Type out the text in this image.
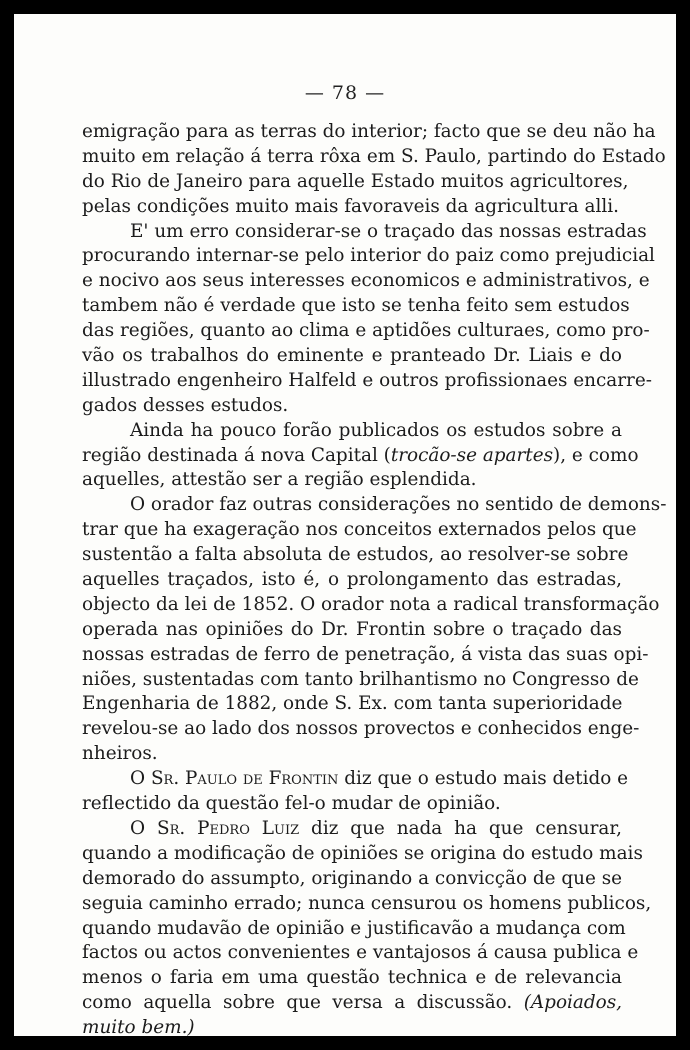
— 78 —
emigração para as terras do interior; facto que se deu não ha
muito em relação á terra rôxa em S. Paulo, partindo do Estado
do Rio de Janeiro para aquelle Estado muitos agricultores,
pelas condições muito mais favoraveis da agricultura alli.
E' um erro considerar-se o traçado das nossas estradas
procurando internar-se pelo interior do paiz como prejudicial
e nocivo aos seus interesses economicos e administrativos, e
tambem não é verdade que isto se tenha feito sem estudos
das regiões, quanto ao clima e aptidões culturaes, como pro-
vão os trabalhos do eminente e pranteado Dr. Liais e do
illustrado engenheiro Halfeld e outros profissionaes encarre-
gados desses estudos.
Ainda ha pouco forão publicados os estudos sobre a
região destinada á nova Capital (trocão-se apartes), e como
aquelles, attestão ser a região esplendida.
O orador faz outras considerações no sentido de demons-
trar que ha exageração nos conceitos externados pelos que
sustentão a falta absoluta de estudos, ao resolver-se sobre
aquelles traçados, isto é, o prolongamento das estradas,
objecto da lei de 1852. O orador nota a radical transformação
operada nas opiniões do Dr. Frontin sobre o traçado das
nossas estradas de ferro de penetração, á vista das suas opi-
niões, sustentadas com tanto brilhantismo no Congresso de
Engenharia de 1882, onde S. Ex. com tanta superioridade
revelou-se ao lado dos nossos provectos e conhecidos enge-
nheiros.
O Sr. Paulo de Frontin diz que o estudo mais detido e
reflectido da questão fel-o mudar de opinião.
O Sr. Pedro Luiz diz que nada ha que censurar,
quando a modificação de opiniões se origina do estudo mais
demorado do assumpto, originando a convicção de que se
seguia caminho errado; nunca censurou os homens publicos,
quando mudavão de opinião e justificavão a mudança com
factos ou actos convenientes e vantajosos á causa publica e
menos o faria em uma questão technica e de relevancia
como aquella sobre que versa a discussão. (Apoiados,
muito bem.)
